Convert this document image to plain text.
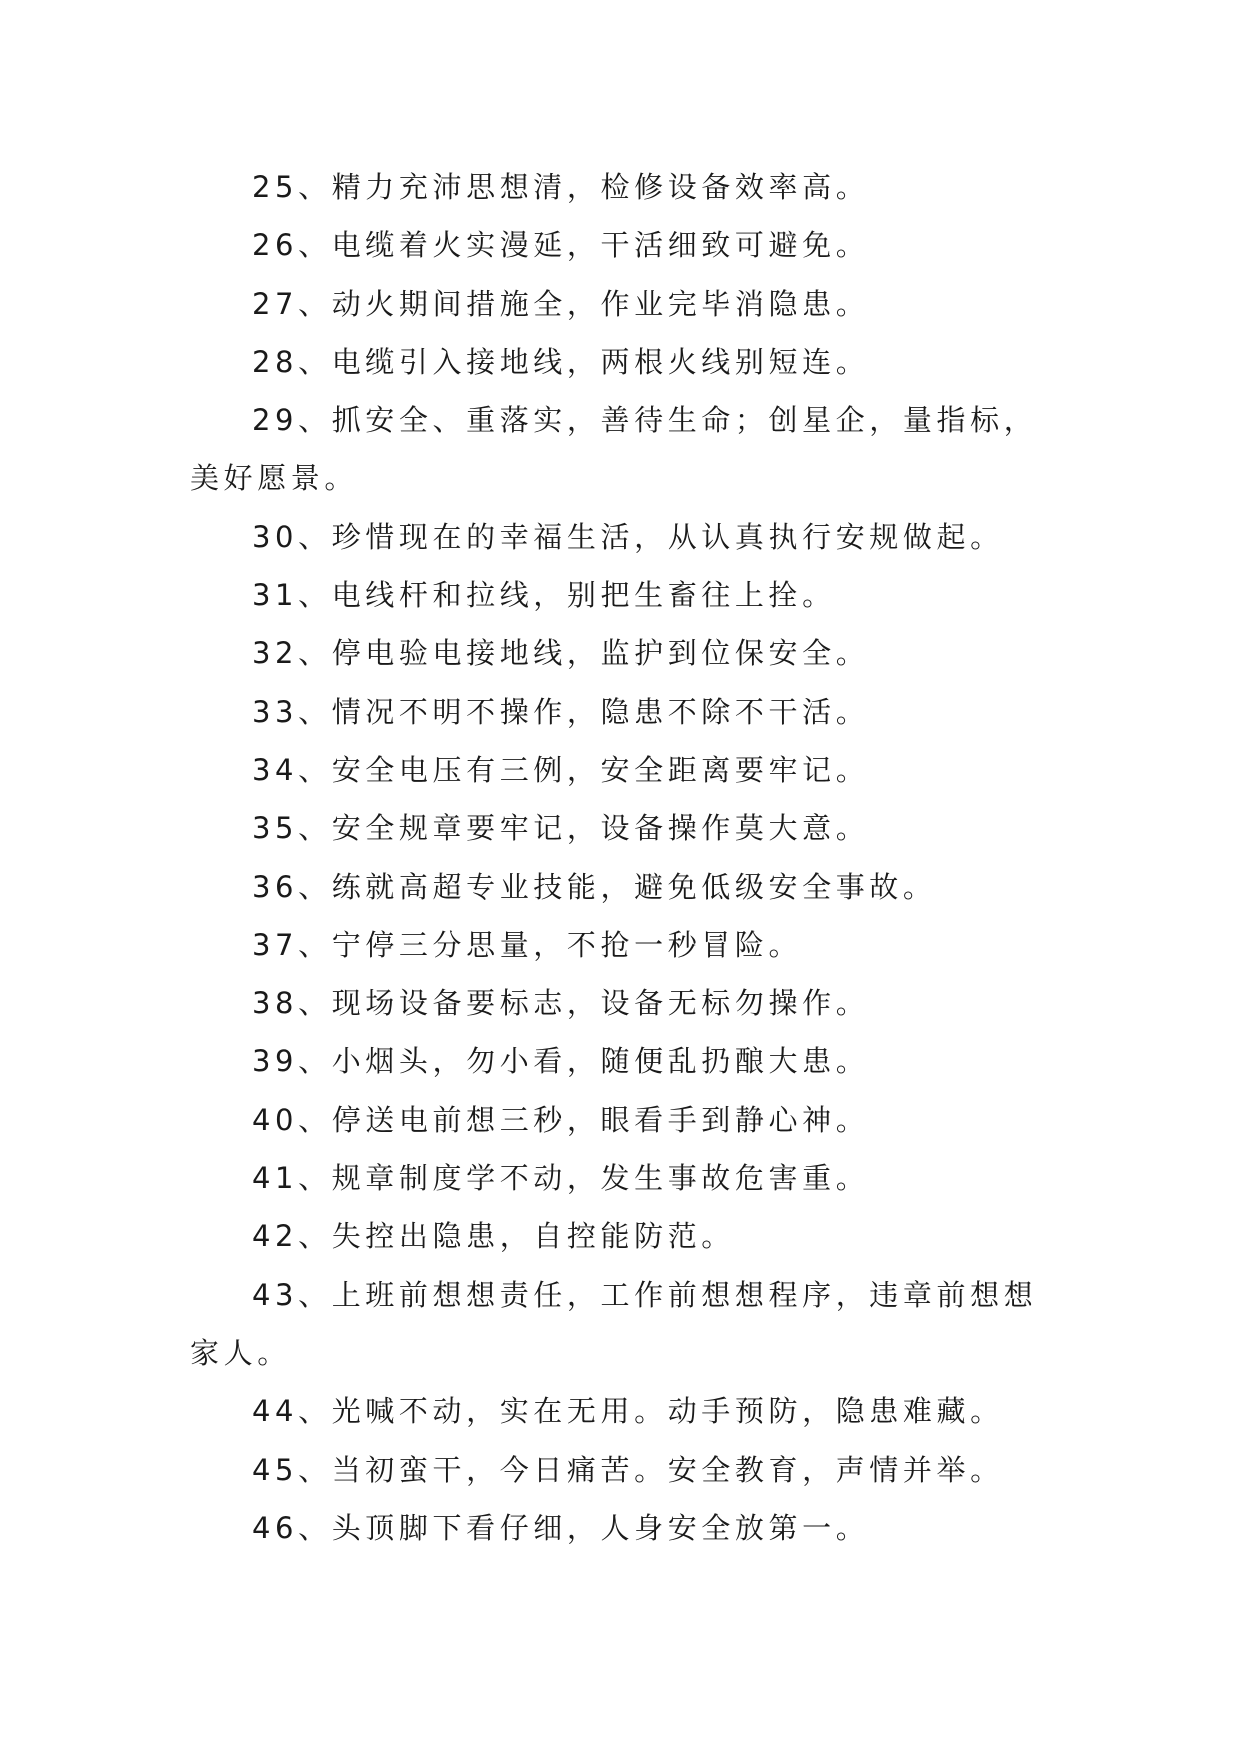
25、精力充沛思想清，检修设备效率高。

26、电缆着火实漫延，干活细致可避免。

27、动火期间措施全，作业完毕消隐患。

28、电缆引入接地线，两根火线别短连。

29、抓安全、重落实，善待生命；创星企，量指标，美好愿景。

30、珍惜现在的幸福生活，从认真执行安规做起。

31、电线杆和拉线，别把生畜往上拴。

32、停电验电接地线，监护到位保安全。

33、情况不明不操作，隐患不除不干活。

34、安全电压有三例，安全距离要牢记。

35、安全规章要牢记，设备操作莫大意。

36、练就高超专业技能，避免低级安全事故。

37、宁停三分思量，不抢一秒冒险。

38、现场设备要标志，设备无标勿操作。

39、小烟头，勿小看，随便乱扔酿大患。

40、停送电前想三秒，眼看手到静心神。

41、规章制度学不动，发生事故危害重。

42、失控出隐患，自控能防范。

43、上班前想想责任，工作前想想程序，违章前想想家人。

44、光喊不动，实在无用。动手预防，隐患难藏。

45、当初蛮干，今日痛苦。安全教育，声情并举。

46、头顶脚下看仔细，人身安全放第一。
